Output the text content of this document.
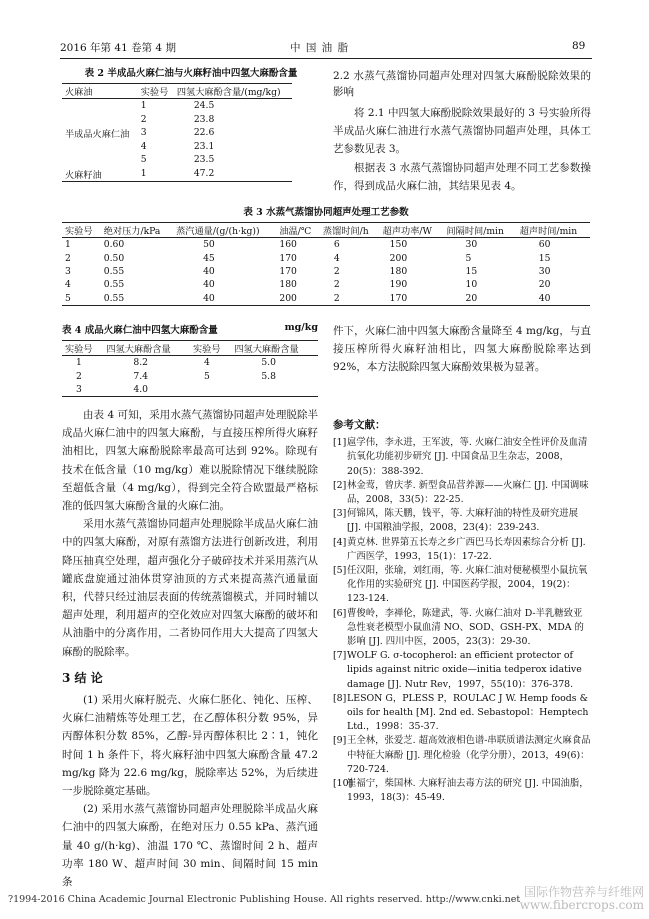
2016 年第 41 卷第 4 期	中 国 油 脂	89
表 2 半成品火麻仁油与火麻籽油中四氢大麻酚含量
火麻油	实验号	四氢大麻酚含量/(mg/kg)
	1	24.5
	2	23.8
半成品火麻仁油	3	22.6
	4	23.1
	5	23.5
火麻籽油	1	47.2
2.2 水蒸气蒸馏协同超声处理对四氢大麻酚脱除效果的影响

将 2.1 中四氢大麻酚脱除效果最好的 3 号实验所得半成品火麻仁油进行水蒸气蒸馏协同超声处理，具体工艺参数见表 3。

根据表 3 水蒸气蒸馏协同超声处理不同工艺参数操作，得到成品火麻仁油，其结果见表 4。

表 3 水蒸气蒸馏协同超声处理工艺参数
实验号	绝对压力/kPa	蒸汽通量/(g/(h·kg))	油温/℃	蒸馏时间/h	超声功率/W	间隔时间/min	超声时间/min
1	0.60	50	160	6	150	30	60
2	0.50	45	170	4	200	5	15
3	0.55	40	170	2	180	15	30
4	0.55	40	180	2	190	10	20
5	0.55	40	200	2	170	20	40
表 4 成品火麻仁油中四氢大麻酚含量	mg/kg
实验号	四氢大麻酚含量	实验号	四氢大麻酚含量
1	8.2	4	5.0
2	7.4	5	5.8
3	4.0		

由表 4 可知，采用水蒸气蒸馏协同超声处理脱除半成品火麻仁油中的四氢大麻酚，与直接压榨所得火麻籽油相比，四氢大麻酚脱除率最高可达到 92%。除现有技术在低含量（10 mg/kg）难以脱除情况下继续脱除至超低含量（4 mg/kg），得到完全符合欧盟最严格标准的低四氢大麻酚含量的火麻仁油。

采用水蒸气蒸馏协同超声处理脱除半成品火麻仁油中的四氢大麻酚，对原有蒸馏方法进行创新改进，利用降压抽真空处理，超声强化分子破碎技术并采用蒸汽从罐底盘旋通过油体贯穿油顶的方式来提高蒸汽通量面积，代替只经过油层表面的传统蒸馏模式，并同时辅以超声处理，利用超声的空化效应对四氢大麻酚的破坏和从油脂中的分离作用，二者协同作用大大提高了四氢大麻酚的脱除率。

3 结 论

(1) 采用火麻籽脱壳、火麻仁胚化、钝化、压榨、火麻仁油精炼等处理工艺，在乙醇体积分数 95%，异丙醇体积分数 85%，乙醇-异丙醇体积比 2∶1，钝化时间 1 h 条件下，将火麻籽油中四氢大麻酚含量 47.2 mg/kg 降为 22.6 mg/kg，脱除率达 52%，为后续进一步脱除奠定基础。

(2) 采用水蒸气蒸馏协同超声处理脱除半成品火麻仁油中的四氢大麻酚，在绝对压力 0.55 kPa、蒸汽通量 40 g/(h·kg)、油温 170 ℃、蒸馏时间 2 h、超声功率 180 W、超声时间 30 min、间隔时间 15 min 条

件下，火麻仁油中四氢大麻酚含量降至 4 mg/kg，与直接压榨所得火麻籽油相比，四氢大麻酚脱除率达到 92%，本方法脱除四氢大麻酚效果极为显著。

参考文献：
[1] 扈学伟，李永进，王军波，等. 火麻仁油安全性评价及血清抗氧化功能初步研究 [J]. 中国食品卫生杂志，2008，20(5)：388-392.
[2] 林金莺，曾庆孝. 新型食品营养源——火麻仁 [J]. 中国调味品，2008，33(5)：22-25.
[3] 何锦风，陈天鹏，钱平，等. 大麻籽油的特性及研究进展 [J]. 中国粮油学报，2008，23(4)：239-243.
[4] 黄克林. 世界第五长寿之乡广西巴马长寿因素综合分析 [J]. 广西医学，1993，15(1)：17-22.
[5] 任汉阳，张瑜，刘红雨，等. 火麻仁油对便秘模型小鼠抗氧化作用的实验研究 [J]. 中国医药学报，2004，19(2)：123-124.
[6] 曹俊岭，李禅伦，陈建武，等. 火麻仁油对 D-半乳糖致亚急性衰老模型小鼠血清 NO、SOD、GSH-PX、MDA 的影响 [J]. 四川中医，2005，23(3)：29-30.
[7] WOLF G. σ-tocopherol: an efficient protector of lipids against nitric oxide—initia tedperox idative damage [J]. Nutr Rev，1997，55(10)：376-378.
[8] LESON G，PLESS P，ROULAC J W. Hemp foods & oils for health [M]. 2nd ed. Sebastopol：Hemptech Ltd.，1998：35-37.
[9] 王全林，张爱芝. 超高效液相色谱-串联质谱法测定火麻食品中特征大麻酚 [J]. 理化检验（化学分册），2013，49(6)：720-724.
[10]
崔福宁，柴国林. 大麻籽油去毒方法的研究 [J]. 中国油脂，1993，18(3)：45-49.
?1994-2016 China Academic Journal Electronic Publishing House. All rights reserved. http://www.cnki.net
国际作物营养与纤维网 www.fibercrops.com
